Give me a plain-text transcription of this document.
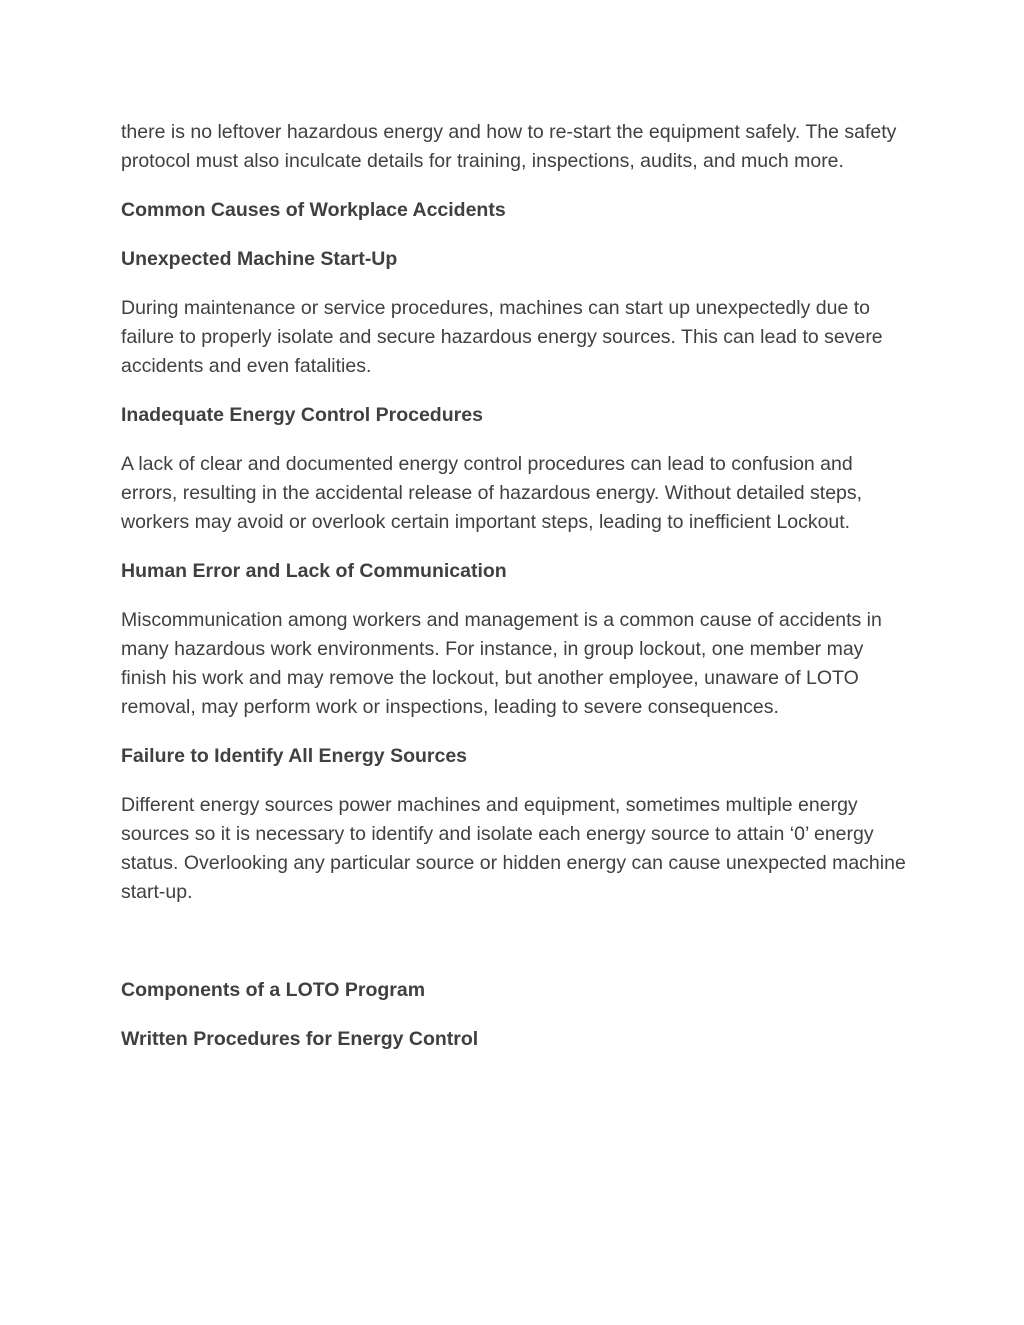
there is no leftover hazardous energy and how to re-start the equipment safely. The safety protocol must also inculcate details for training, inspections, audits, and much more.

Common Causes of Workplace Accidents
Unexpected Machine Start-Up

During maintenance or service procedures, machines can start up unexpectedly due to failure to properly isolate and secure hazardous energy sources. This can lead to severe accidents and even fatalities.

Inadequate Energy Control Procedures

A lack of clear and documented energy control procedures can lead to confusion and errors, resulting in the accidental release of hazardous energy. Without detailed steps, workers may avoid or overlook certain important steps, leading to inefficient Lockout.

Human Error and Lack of Communication

Miscommunication among workers and management is a common cause of accidents in many hazardous work environments. For instance, in group lockout, one member may finish his work and may remove the lockout, but another employee, unaware of LOTO removal, may perform work or inspections, leading to severe consequences.

Failure to Identify All Energy Sources

Different energy sources power machines and equipment, sometimes multiple energy sources so it is necessary to identify and isolate each energy source to attain ‘0’ energy status. Overlooking any particular source or hidden energy can cause unexpected machine start-up.

Components of a LOTO Program
Written Procedures for Energy Control
